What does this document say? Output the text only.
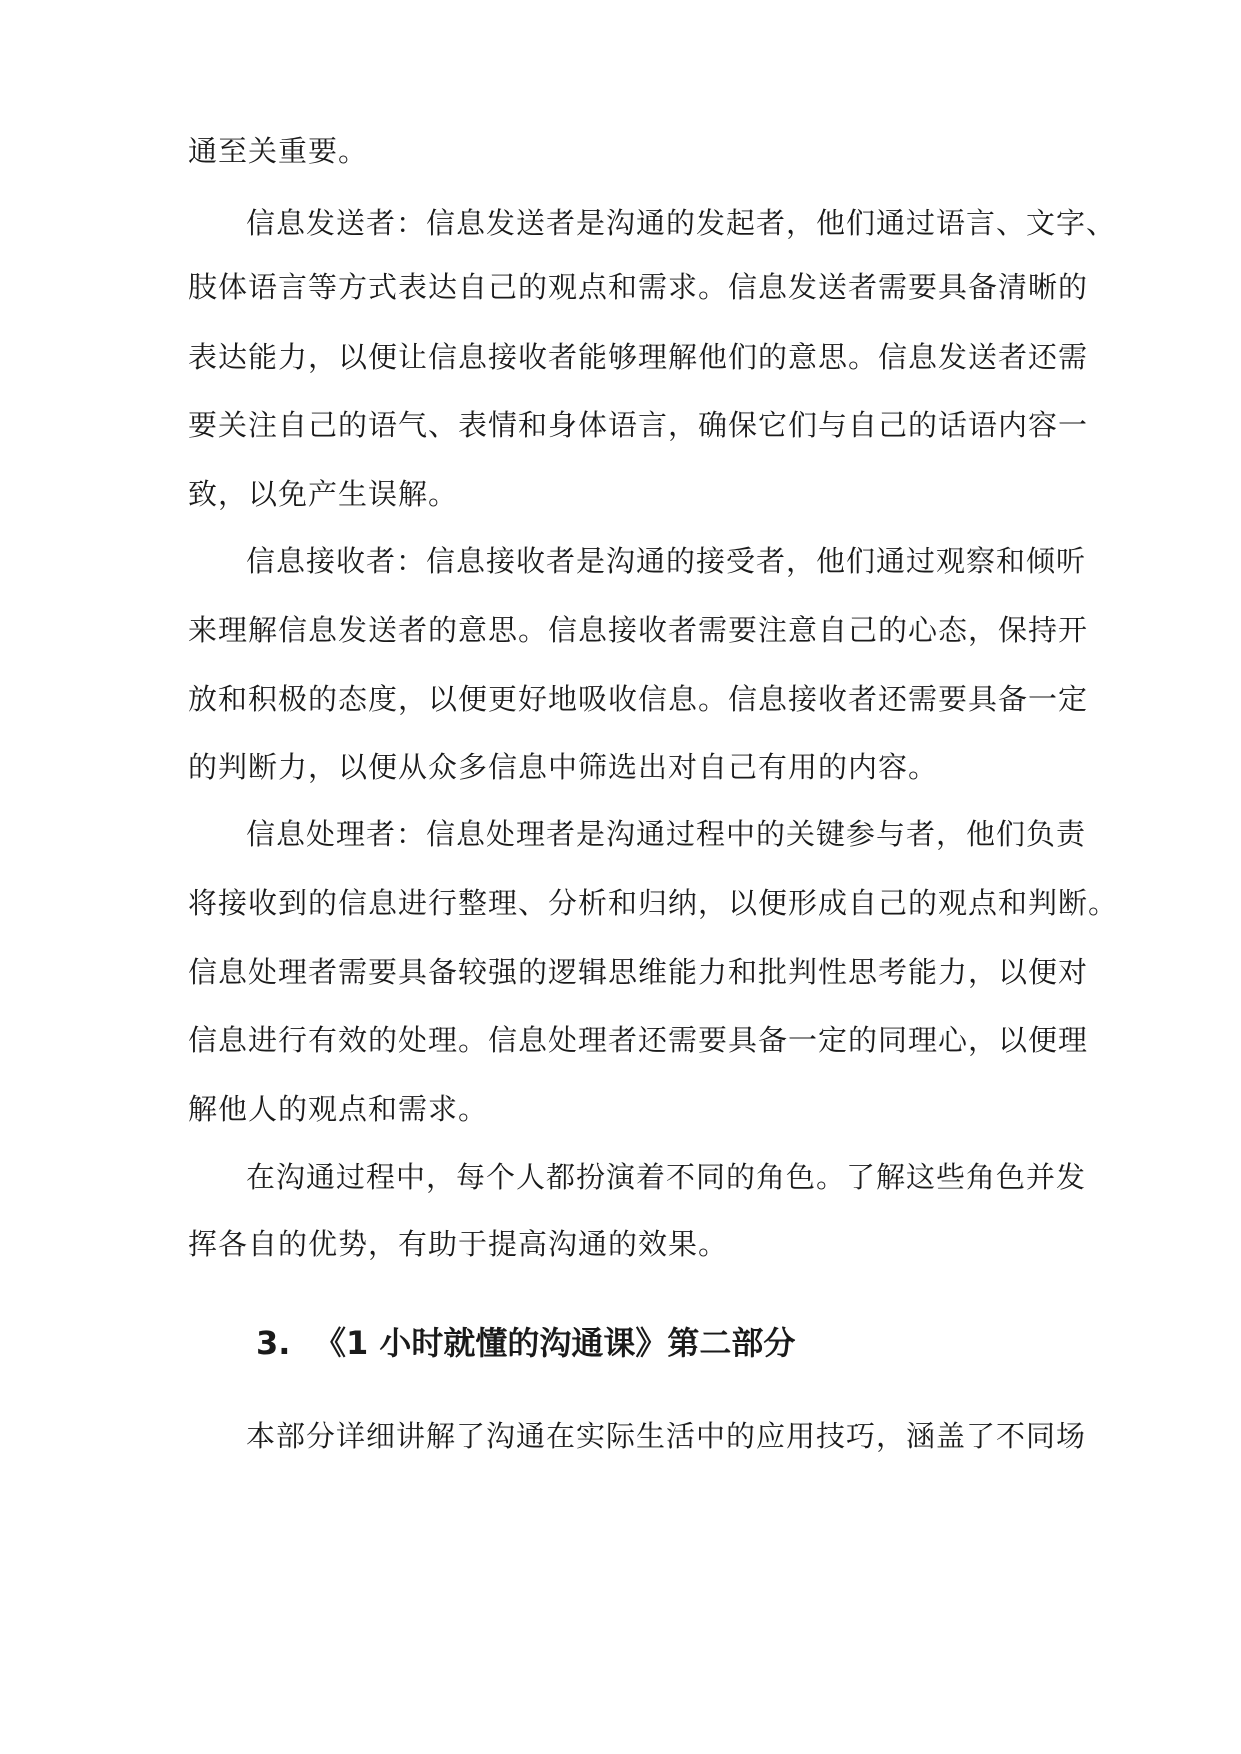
通至关重要。

信息发送者：信息发送者是沟通的发起者，他们通过语言、文字、

肢体语言等方式表达自己的观点和需求。信息发送者需要具备清晰的

表达能力，以便让信息接收者能够理解他们的意思。信息发送者还需

要关注自己的语气、表情和身体语言，确保它们与自己的话语内容一

致，以免产生误解。

信息接收者：信息接收者是沟通的接受者，他们通过观察和倾听

来理解信息发送者的意思。信息接收者需要注意自己的心态，保持开

放和积极的态度，以便更好地吸收信息。信息接收者还需要具备一定

的判断力，以便从众多信息中筛选出对自己有用的内容。

信息处理者：信息处理者是沟通过程中的关键参与者，他们负责

将接收到的信息进行整理、分析和归纳，以便形成自己的观点和判断。

信息处理者需要具备较强的逻辑思维能力和批判性思考能力，以便对

信息进行有效的处理。信息处理者还需要具备一定的同理心，以便理

解他人的观点和需求。

在沟通过程中，每个人都扮演着不同的角色。了解这些角色并发

挥各自的优势，有助于提高沟通的效果。

3. 《1 小时就懂的沟通课》第二部分

本部分详细讲解了沟通在实际生活中的应用技巧，涵盖了不同场
